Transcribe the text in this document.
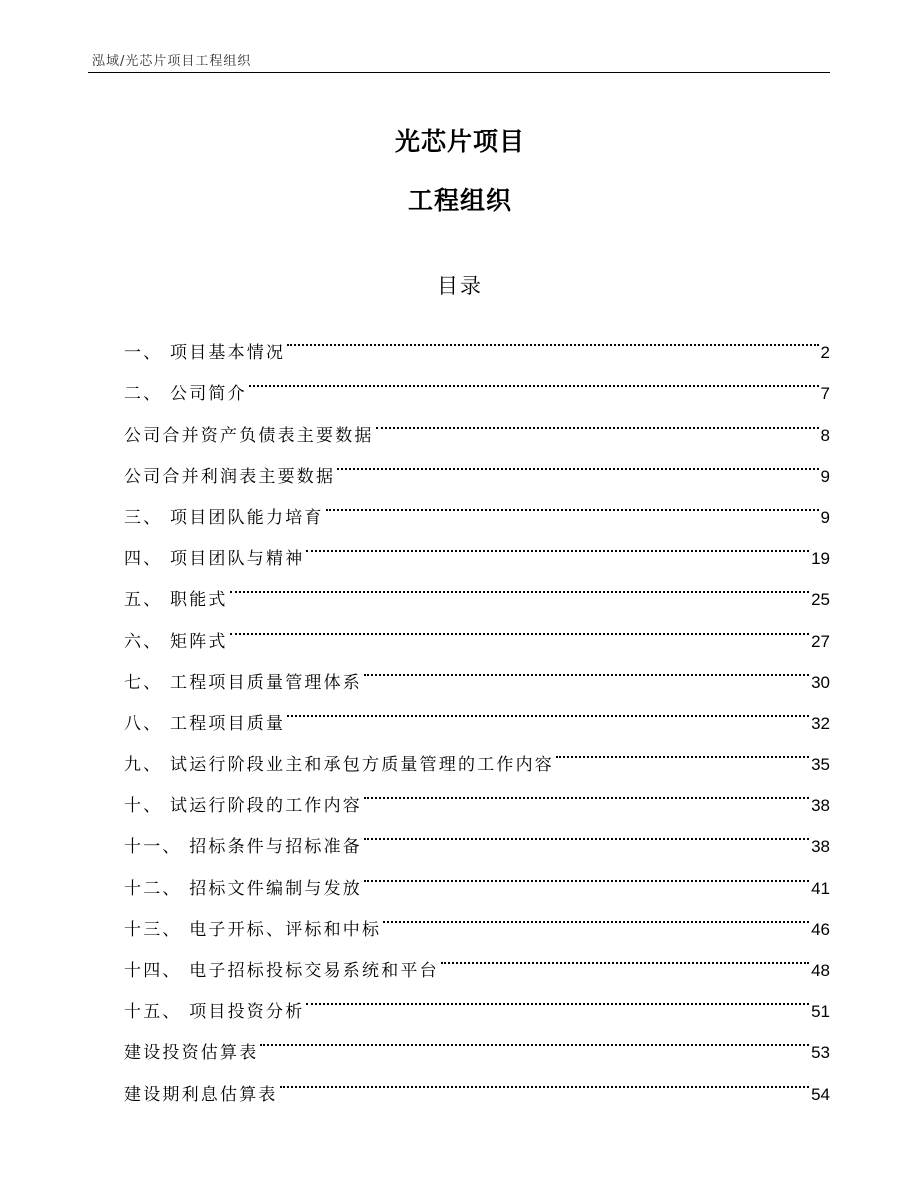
泓域/光芯片项目工程组织
光芯片项目
工程组织
目录
一、 项目基本情况	2
二、 公司简介	7
公司合并资产负债表主要数据	8
公司合并利润表主要数据	9
三、 项目团队能力培育	9
四、 项目团队与精神	19
五、 职能式	25
六、 矩阵式	27
七、 工程项目质量管理体系	30
八、 工程项目质量	32
九、 试运行阶段业主和承包方质量管理的工作内容	35
十、 试运行阶段的工作内容	38
十一、 招标条件与招标准备	38
十二、 招标文件编制与发放	41
十三、 电子开标、评标和中标	46
十四、 电子招标投标交易系统和平台	48
十五、 项目投资分析	51
建设投资估算表	53
建设期利息估算表	54
